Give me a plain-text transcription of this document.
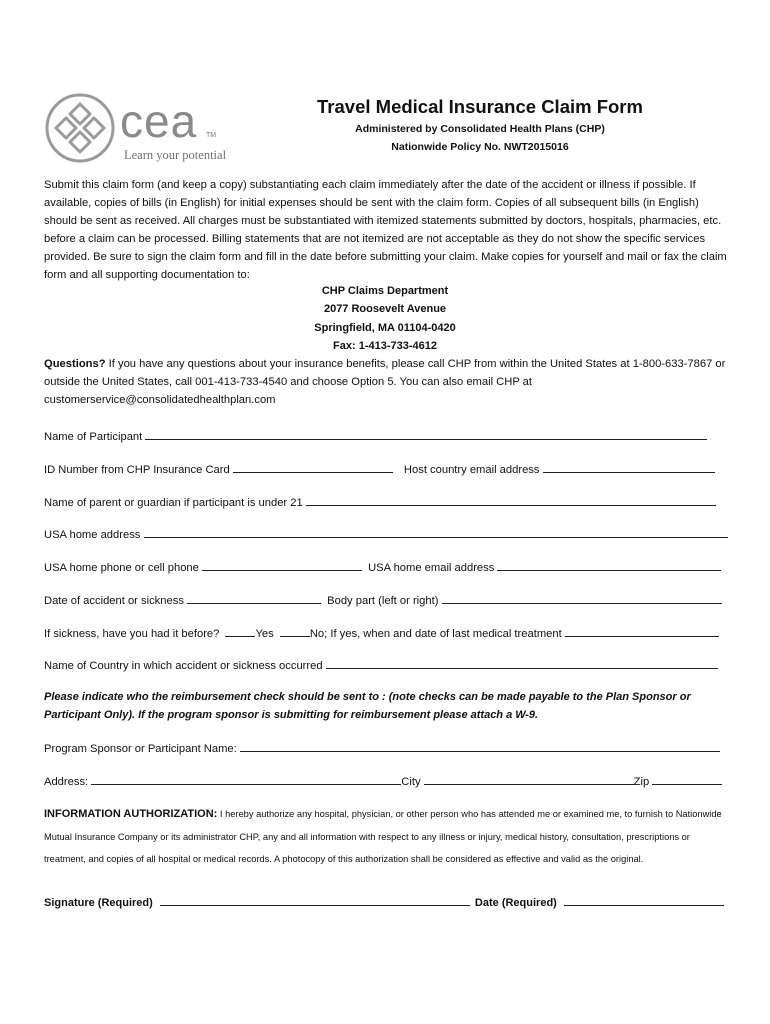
cea TM
Learn your potential
Travel Medical Insurance Claim Form
Administered by Consolidated Health Plans (CHP)
Nationwide Policy No. NWT2015016

Submit this claim form (and keep a copy) substantiating each claim immediately after the date of the accident or illness if possible. If available, copies of bills (in English) for initial expenses should be sent with the claim form. Copies of all subsequent bills (in English) should be sent as received. All charges must be substantiated with itemized statements submitted by doctors, hospitals, pharmacies, etc. before a claim can be processed. Billing statements that are not itemized are not acceptable as they do not show the specific services provided. Be sure to sign the claim form and fill in the date before submitting your claim. Make copies for yourself and mail or fax the claim form and all supporting documentation to:

CHP Claims Department
2077 Roosevelt Avenue
Springfield, MA 01104-0420
Fax: 1-413-733-4612

Questions? If you have any questions about your insurance benefits, please call CHP from within the United States at 1-800-633-7867 or outside the United States, call 001-413-733-4540 and choose Option 5. You can also email CHP at customerservice@consolidatedhealthplan.com

Name of Participant
ID Number from CHP Insurance Card	Host country email address
Name of parent or guardian if participant is under 21
USA home address
USA home phone or cell phone	USA home email address
Date of accident or sickness	Body part (left or right)
If sickness, have you had it before?	Yes	No; If yes, when and date of last medical treatment
Name of Country in which accident or sickness occurred

Please indicate who the reimbursement check should be sent to : (note checks can be made payable to the Plan Sponsor or Participant Only). If the program sponsor is submitting for reimbursement please attach a W-9.

Program Sponsor or Participant Name:
Address:	City	Zip

INFORMATION AUTHORIZATION: I hereby authorize any hospital, physician, or other person who has attended me or examined me, to furnish to Nationwide Mutual Insurance Company or its administrator CHP, any and all information with respect to any illness or injury, medical history, consultation, prescriptions or treatment, and copies of all hospital or medical records. A photocopy of this authorization shall be considered as effective and valid as the original.

Signature (Required)	Date (Required)
